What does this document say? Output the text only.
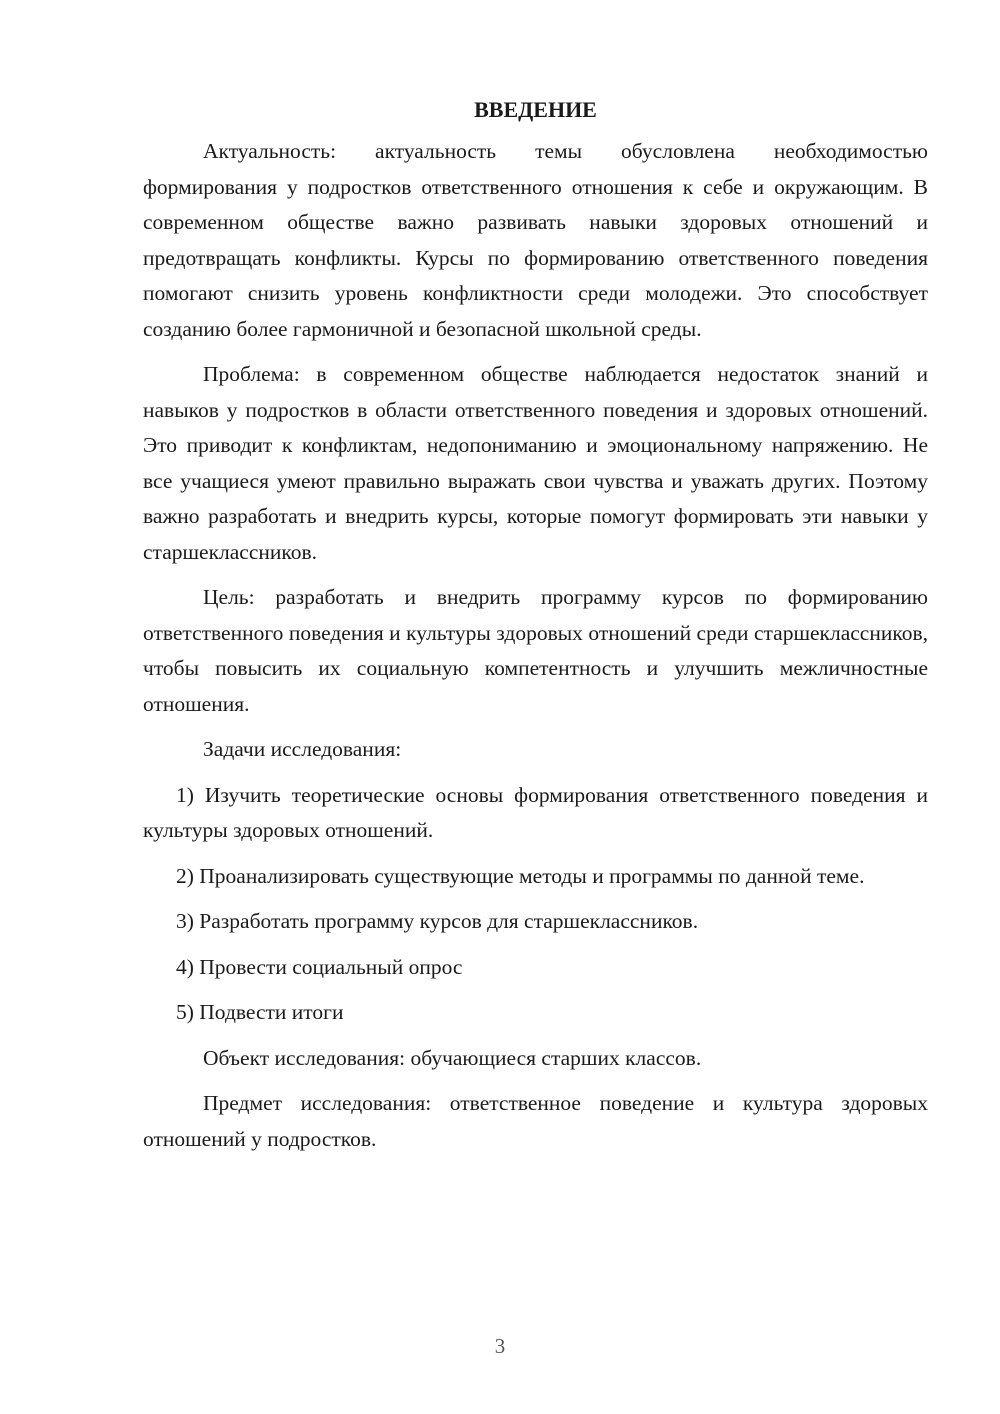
ВВЕДЕНИЕ

Актуальность: актуальность темы обусловлена необходимостью формирования у подростков ответственного отношения к себе и окружающим. В современном обществе важно развивать навыки здоровых отношений и предотвращать конфликты. Курсы по формированию ответственного поведения помогают снизить уровень конфликтности среди молодежи. Это способствует созданию более гармоничной и безопасной школьной среды.

Проблема: в современном обществе наблюдается недостаток знаний и навыков у подростков в области ответственного поведения и здоровых отношений. Это приводит к конфликтам, недопониманию и эмоциональному напряжению. Не все учащиеся умеют правильно выражать свои чувства и уважать других. Поэтому важно разработать и внедрить курсы, которые помогут формировать эти навыки у старшеклассников.

Цель: разработать и внедрить программу курсов по формированию ответственного поведения и культуры здоровых отношений среди старшеклассников, чтобы повысить их социальную компетентность и улучшить межличностные отношения.

Задачи исследования:

1) Изучить теоретические основы формирования ответственного поведения и культуры здоровых отношений.

2) Проанализировать существующие методы и программы по данной теме.

3) Разработать программу курсов для старшеклассников.

4) Провести социальный опрос

5) Подвести итоги

Объект исследования: обучающиеся старших классов.

Предмет исследования: ответственное поведение и культура здоровых отношений у подростков.

3
